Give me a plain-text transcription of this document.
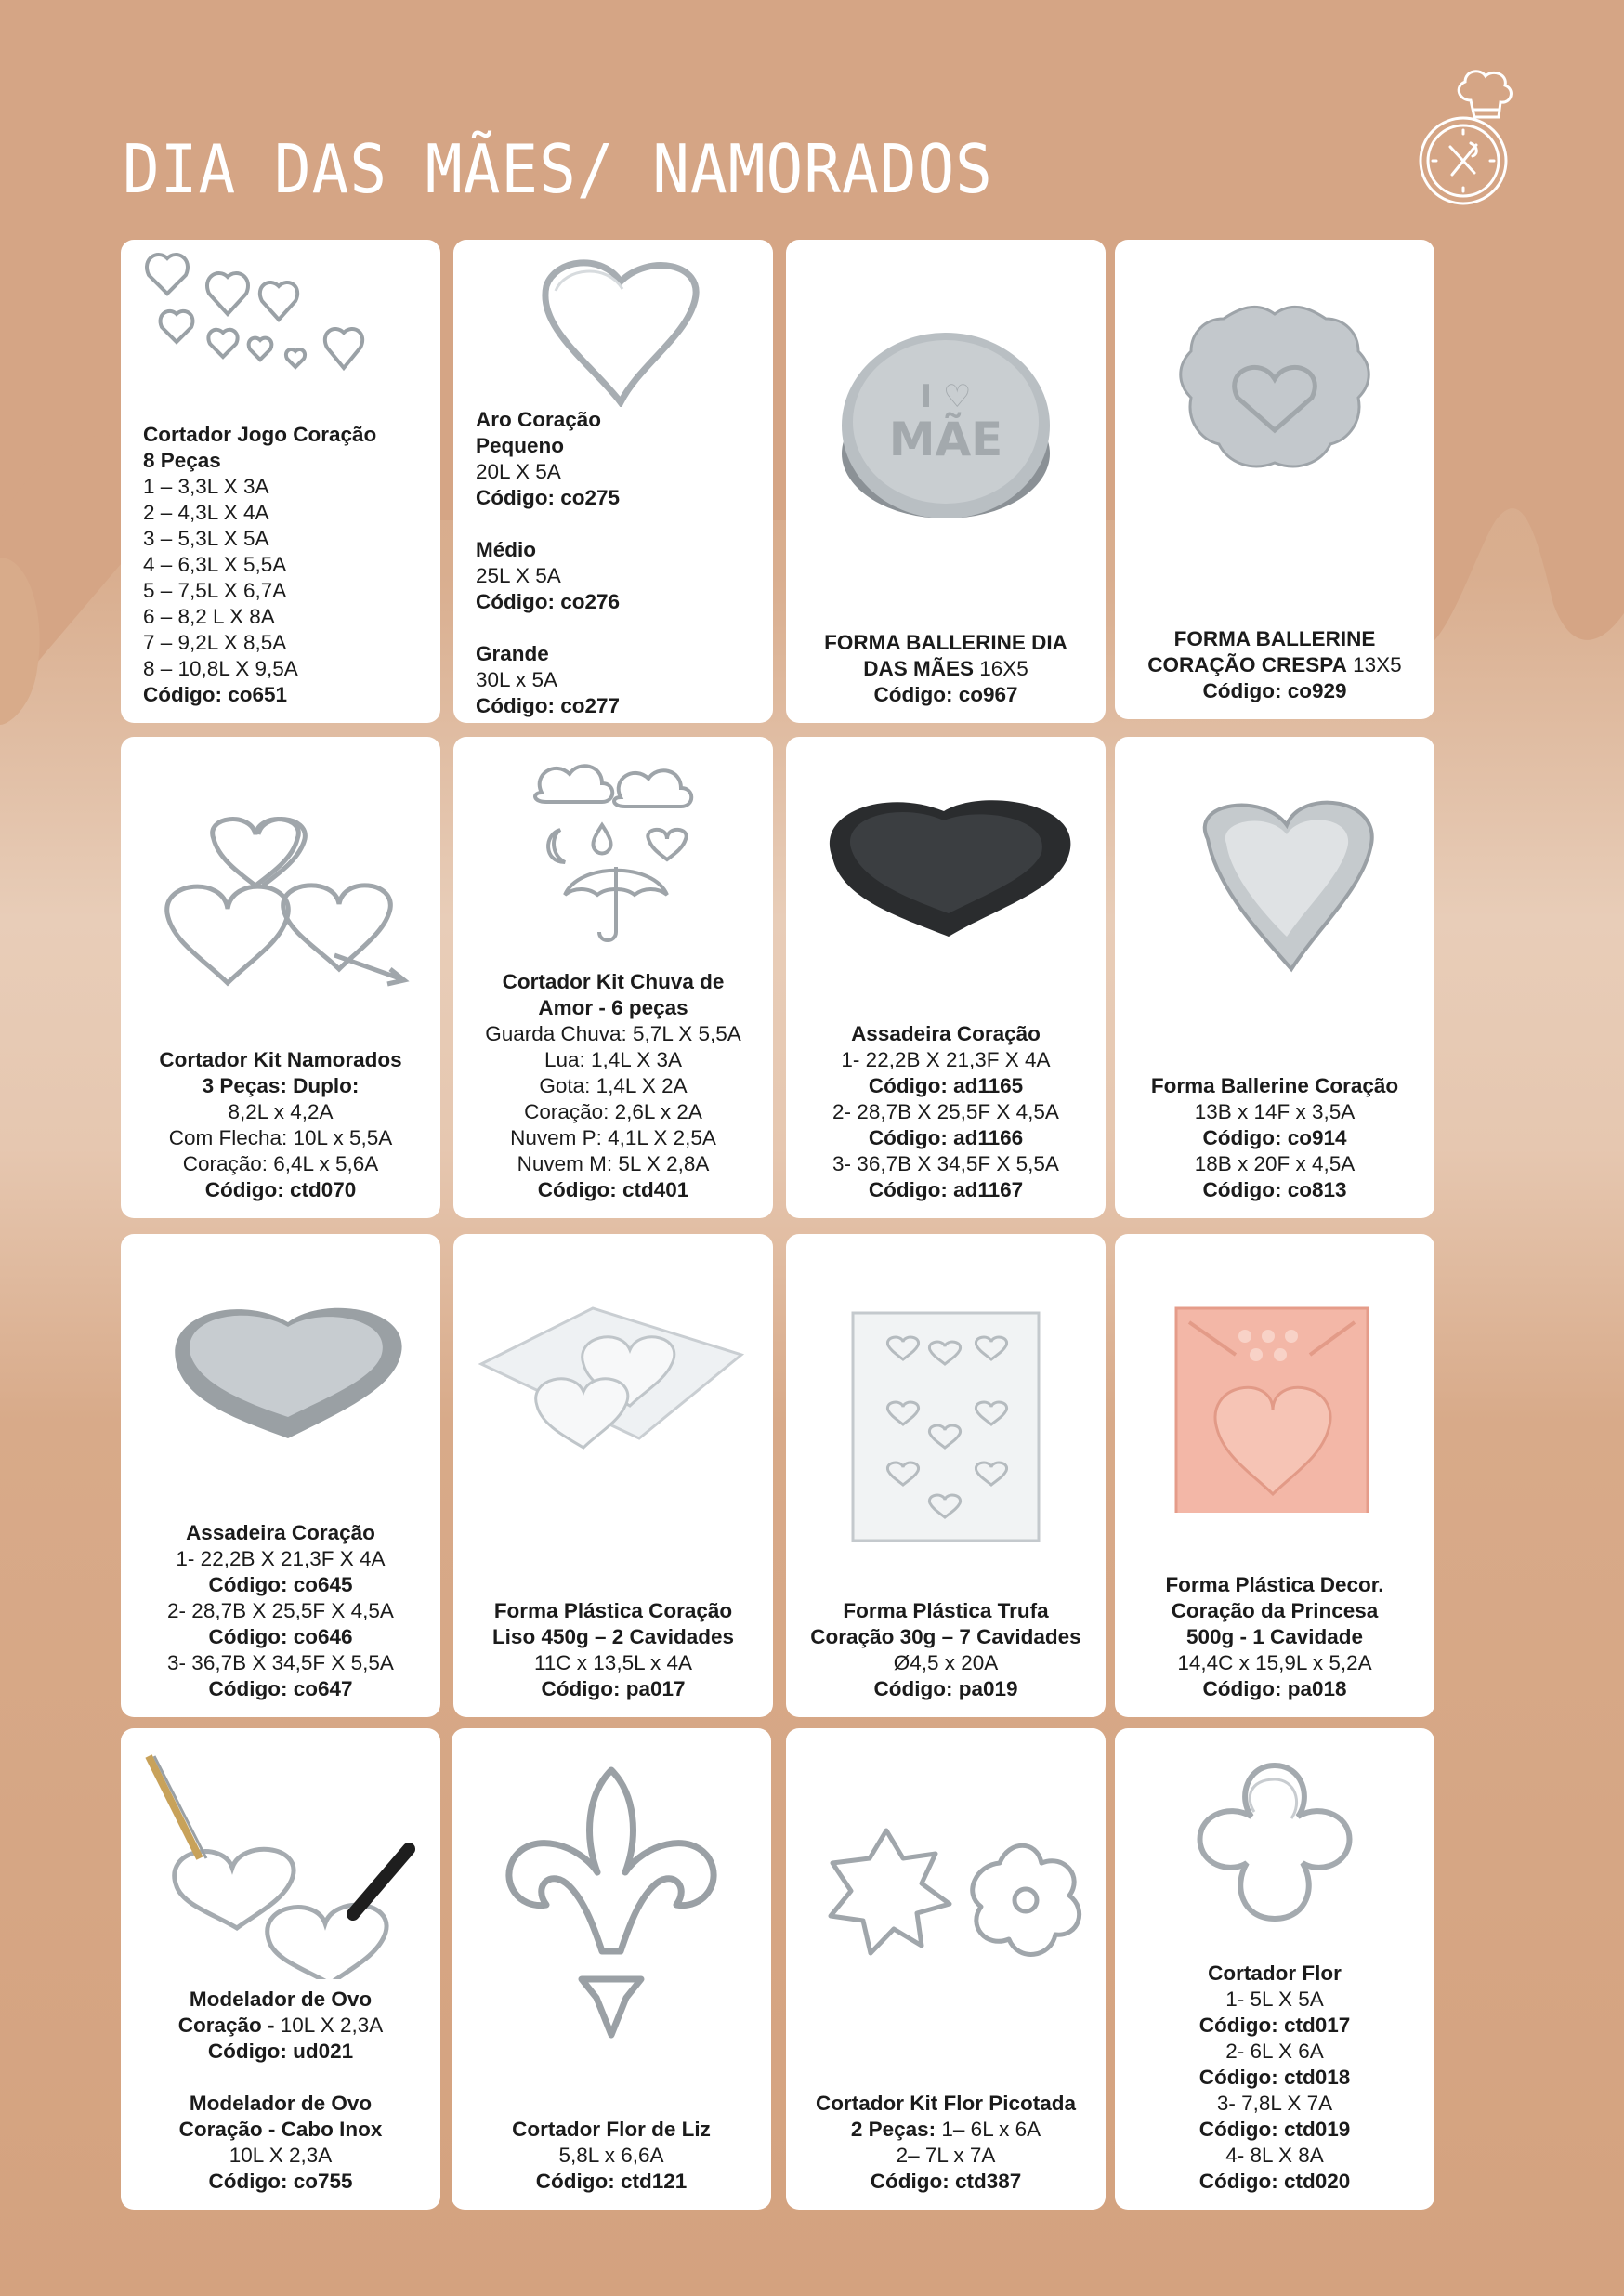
DIA DAS MÃES/ NAMORADOS
Cortador Jogo Coração
8 Peças
1 – 3,3L X 3A
2 – 4,3L X 4A
3 – 5,3L X 5A
4 – 6,3L X 5,5A
5 – 7,5L X 6,7A
6 – 8,2 L X 8A
7 – 9,2L X 8,5A
8 – 10,8L X 9,5A
Código: co651
Aro Coração
Pequeno
20L X 5A
Código: co275
Médio
25L X 5A
Código: co276
Grande
30L x 5A
Código: co277
I ♡
MÃE
FORMA BALLERINE DIA
DAS MÃES 16X5
Código: co967
FORMA BALLERINE
CORAÇÃO CRESPA 13X5
Código: co929
Cortador Kit Namorados
3 Peças: Duplo:
8,2L x 4,2A
Com Flecha: 10L x 5,5A
Coração: 6,4L x 5,6A
Código: ctd070
Cortador Kit Chuva de
Amor - 6 peças
Guarda Chuva: 5,7L X 5,5A
Lua: 1,4L X 3A
Gota: 1,4L X 2A
Coração: 2,6L x 2A
Nuvem P: 4,1L X 2,5A
Nuvem M: 5L X 2,8A
Código: ctd401
Assadeira Coração
1- 22,2B X 21,3F X 4A
Código: ad1165
2- 28,7B X 25,5F X 4,5A
Código: ad1166
3- 36,7B X 34,5F X 5,5A
Código: ad1167
Forma Ballerine Coração
13B x 14F x 3,5A
Código: co914
18B x 20F x 4,5A
Código: co813
Assadeira Coração
1- 22,2B X 21,3F X 4A
Código: co645
2- 28,7B X 25,5F X 4,5A
Código: co646
3- 36,7B X 34,5F X 5,5A
Código: co647
Forma Plástica Coração
Liso 450g – 2 Cavidades
11C x 13,5L x 4A
Código: pa017
Forma Plástica Trufa
Coração 30g – 7 Cavidades
Ø4,5 x 20A
Código: pa019
Forma Plástica Decor.
Coração da Princesa
500g - 1 Cavidade
14,4C x 15,9L x 5,2A
Código: pa018
Modelador de Ovo
Coração - 10L X 2,3A
Código: ud021
Modelador de Ovo
Coração - Cabo Inox
10L X 2,3A
Código: co755
Cortador Flor de Liz
5,8L x 6,6A
Código: ctd121
Cortador Kit Flor Picotada
2 Peças: 1– 6L x 6A
2– 7L x 7A
Código: ctd387
Cortador Flor
1- 5L X 5A
Código: ctd017
2- 6L X 6A
Código: ctd018
3- 7,8L X 7A
Código: ctd019
4- 8L X 8A
Código: ctd020
